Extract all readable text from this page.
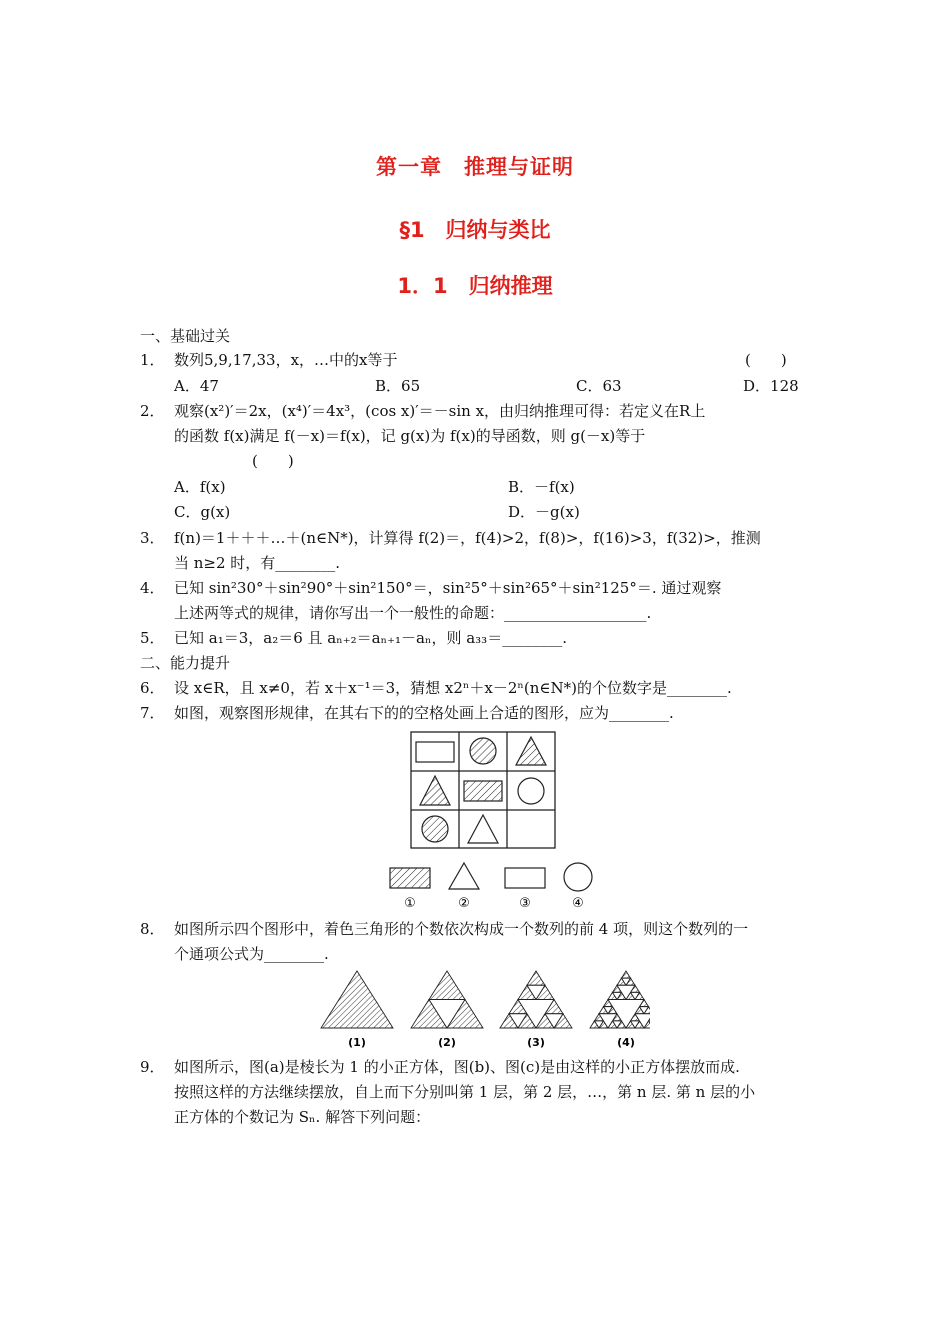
第一章　推理与证明
§1　归纳与类比
1．1　归纳推理
一、基础过关
1． 数列5,9,17,33，x，…中的x等于	(　　)
A．47	B．65	C．63	D．128
2． 观察(x²)′＝2x，(x⁴)′＝4x³，(cos x)′＝－sin x，由归纳推理可得：若定义在R上
的函数 f(x)满足 f(－x)＝f(x)，记 g(x)为 f(x)的导函数，则 g(－x)等于
(　　)
A．f(x)	B．－f(x)
C．g(x)	D．－g(x)
3． f(n)＝1＋＋＋…＋(n∈N*)，计算得 f(2)＝，f(4)>2，f(8)>，f(16)>3，f(32)>，推测
当 n≥2 时，有________.
4． 已知 sin²30°＋sin²90°＋sin²150°＝，sin²5°＋sin²65°＋sin²125°＝. 通过观察
上述两等式的规律，请你写出一个一般性的命题：___________________.
5． 已知 a₁＝3，a₂＝6 且 aₙ₊₂＝aₙ₊₁－aₙ，则 a₃₃＝________.
二、能力提升
6． 设 x∈R，且 x≠0，若 x＋x⁻¹＝3，猜想 x2ⁿ＋x－2ⁿ(n∈N*)的个位数字是________.
7． 如图，观察图形规律，在其右下的的空格处画上合适的图形，应为________.
①	②	③	④
8． 如图所示四个图形中，着色三角形的个数依次构成一个数列的前 4 项，则这个数列的一
个通项公式为________.
(1)	(2)	(3)	(4)
9． 如图所示，图(a)是棱长为 1 的小正方体，图(b)、图(c)是由这样的小正方体摆放而成.
按照这样的方法继续摆放，自上而下分别叫第 1 层，第 2 层，…，第 n 层. 第 n 层的小
正方体的个数记为 Sₙ. 解答下列问题：
